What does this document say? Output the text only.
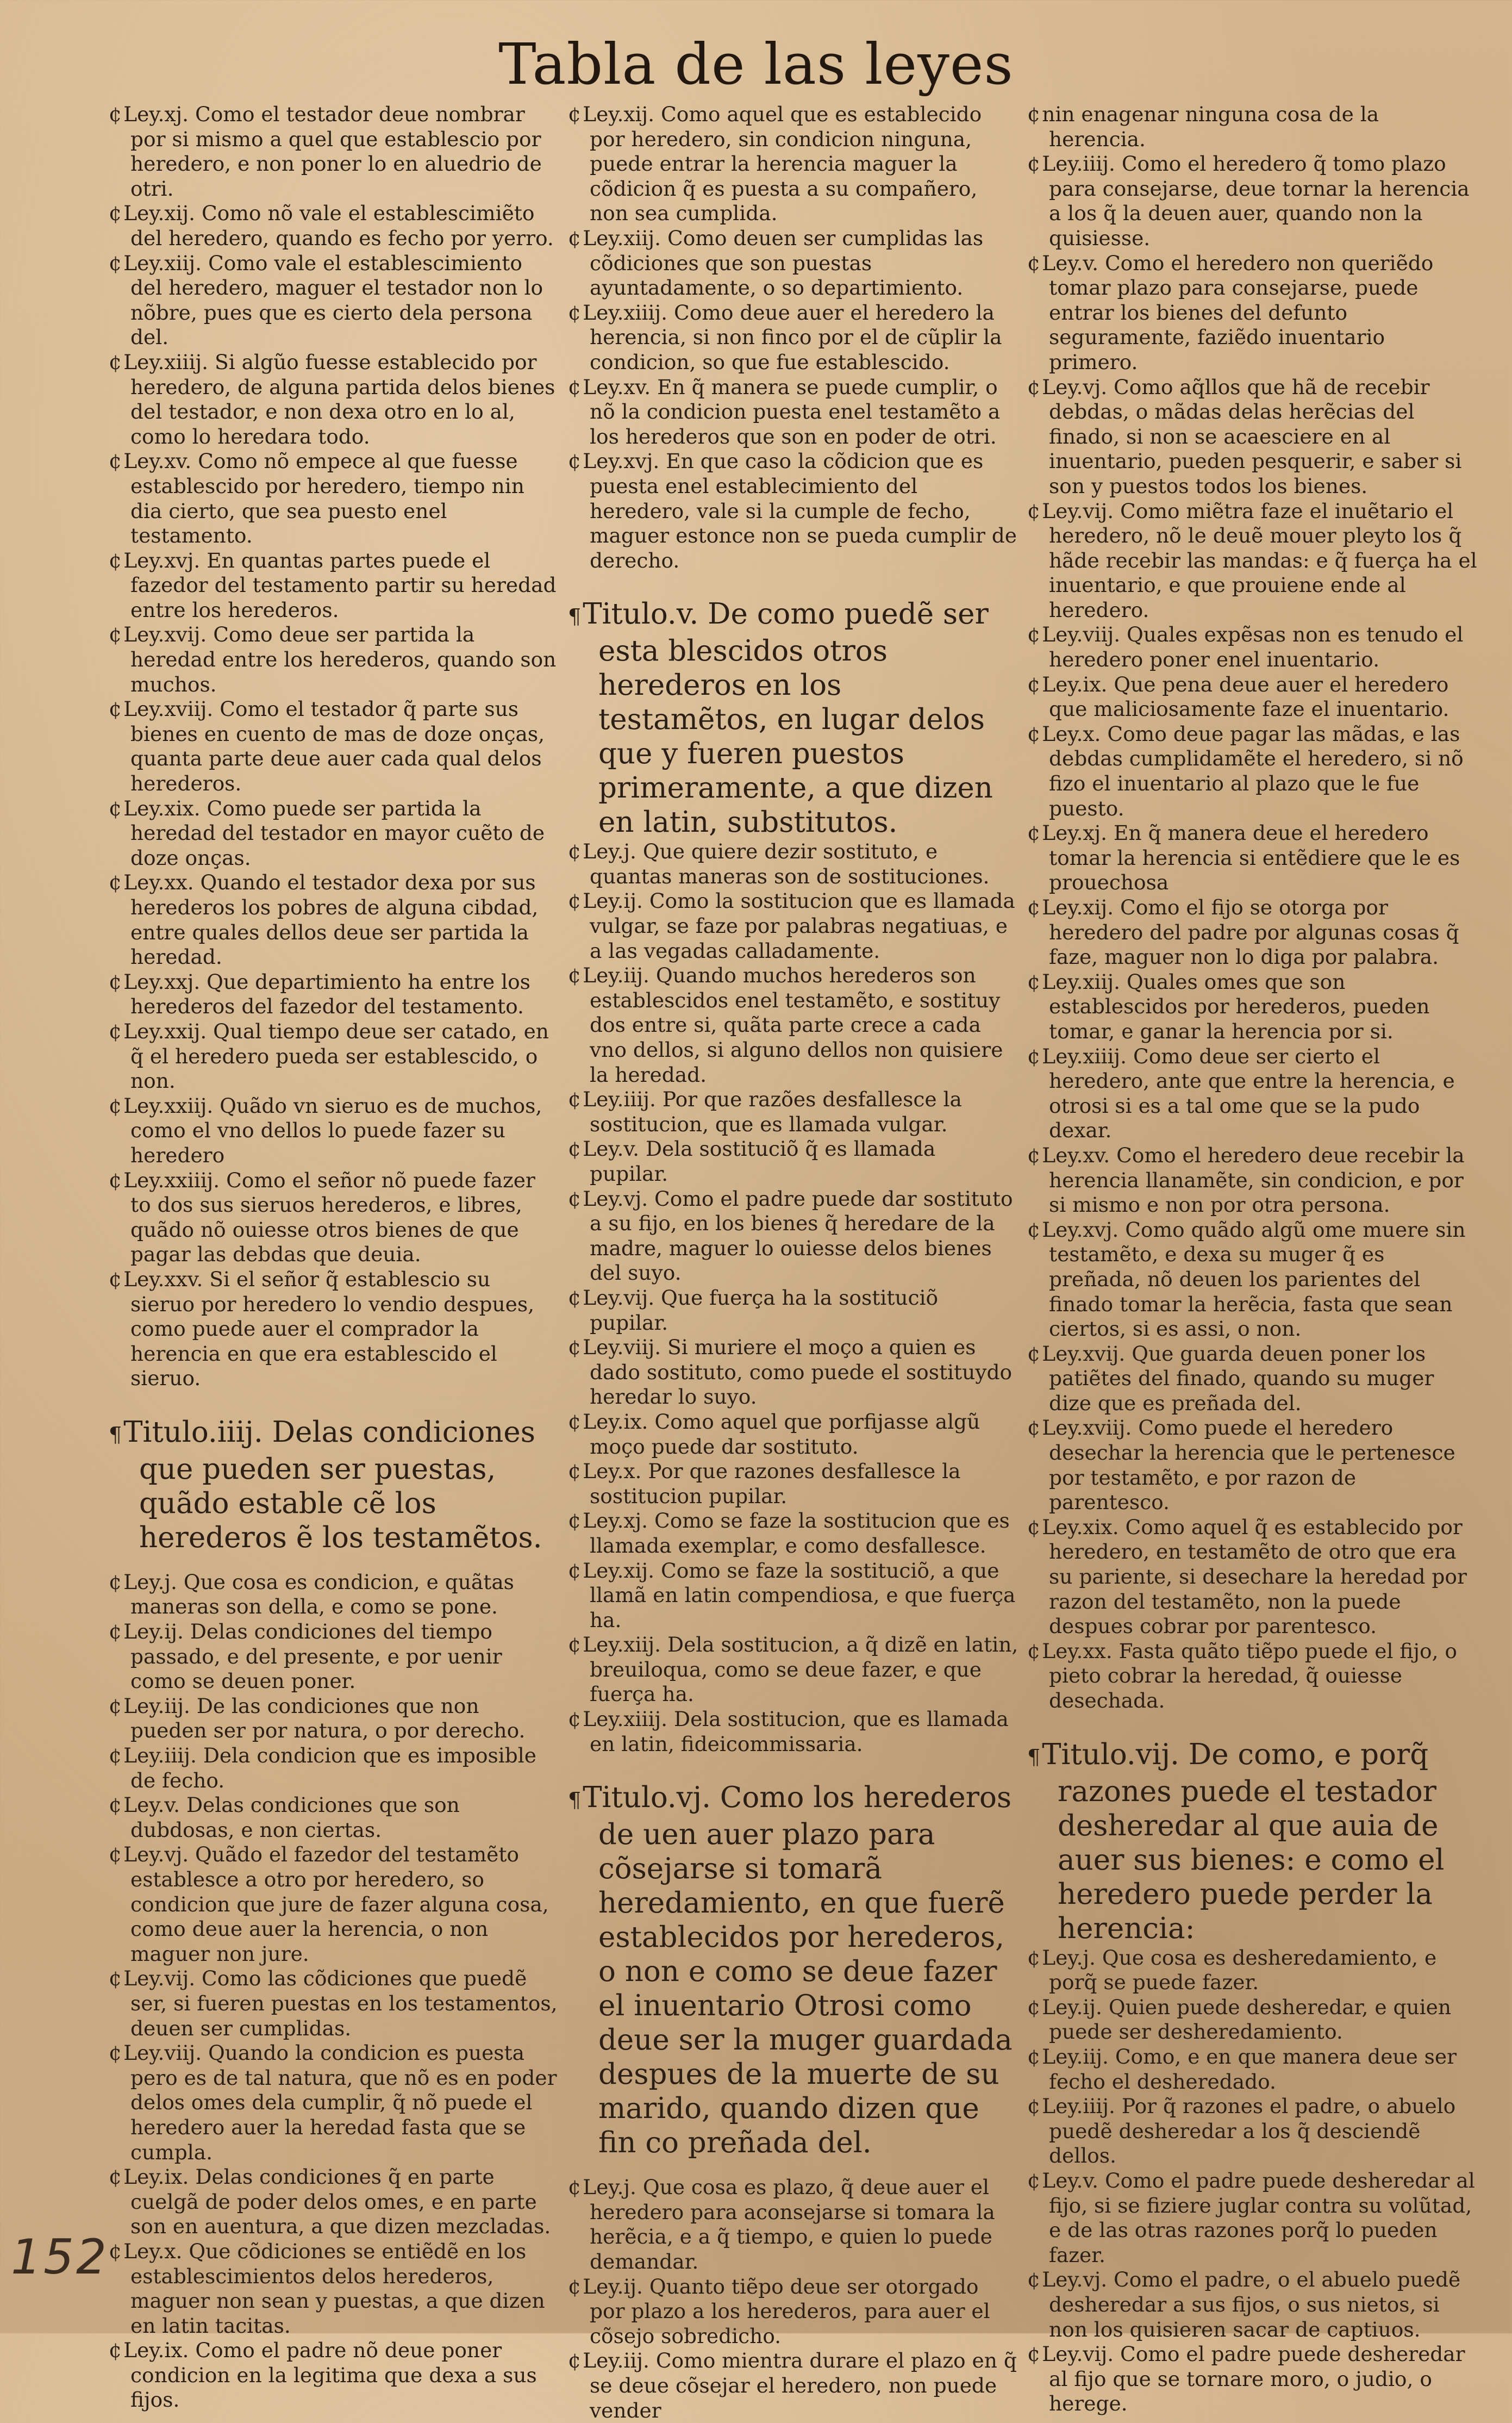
Tabla de las leyes

¢Ley.xj. Como el testador deue nombrar por si mismo a quel que establescio por heredero, e non poner lo en aluedrio de otri.

¢Ley.xij. Como nõ vale el establescimiẽto del heredero, quando es fecho por yerro.

¢Ley.xiij. Como vale el establescimiento del heredero, maguer el testador non lo nõbre, pues que es cierto dela persona del.

¢Ley.xiiij. Si algũo fuesse establecido por heredero, de alguna partida delos bienes del testador, e non dexa otro en lo al, como lo heredara todo.

¢Ley.xv. Como nõ empece al que fuesse establescido por heredero, tiempo nin dia cierto, que sea puesto enel testamento.

¢Ley.xvj. En quantas partes puede el fazedor del testamento partir su heredad entre los herederos.

¢Ley.xvij. Como deue ser partida la heredad entre los herederos, quando son muchos.

¢Ley.xviij. Como el testador q̃ parte sus bienes en cuento de mas de doze onças, quanta parte deue auer cada qual delos herederos.

¢Ley.xix. Como puede ser partida la heredad del testador en mayor cuẽto de doze onças.

¢Ley.xx. Quando el testador dexa por sus herederos los pobres de alguna cibdad, entre quales dellos deue ser partida la heredad.

¢Ley.xxj. Que departimiento ha entre los herederos del fazedor del testamento.

¢Ley.xxij. Qual tiempo deue ser catado, en q̃ el heredero pueda ser establescido, o non.

¢Ley.xxiij. Quãdo vn sieruo es de muchos, como el vno dellos lo puede fazer su heredero

¢Ley.xxiiij. Como el señor nõ puede fazer to dos sus sieruos herederos, e libres, quãdo nõ ouiesse otros bienes de que pagar las debdas que deuia.

¢Ley.xxv. Si el señor q̃ establescio su sieruo por heredero lo vendio despues, como puede auer el comprador la herencia en que era establescido el sieruo.

¶Titulo.iiij. Delas condiciones que pueden ser puestas, quãdo estable cẽ los herederos ẽ los testamẽtos.

¢Ley.j. Que cosa es condicion, e quãtas maneras son della, e como se pone.

¢Ley.ij. Delas condiciones del tiempo passado, e del presente, e por uenir como se deuen poner.

¢Ley.iij. De las condiciones que non pueden ser por natura, o por derecho.

¢Ley.iiij. Dela condicion que es imposible de fecho.

¢Ley.v. Delas condiciones que son dubdosas, e non ciertas.

¢Ley.vj. Quãdo el fazedor del testamẽto establesce a otro por heredero, so condicion que jure de fazer alguna cosa, como deue auer la herencia, o non maguer non jure.

¢Ley.vij. Como las cõdiciones que puedẽ ser, si fueren puestas en los testamentos, deuen ser cumplidas.

¢Ley.viij. Quando la condicion es puesta pero es de tal natura, que nõ es en poder delos omes dela cumplir, q̃ nõ puede el heredero auer la heredad fasta que se cumpla.

¢Ley.ix. Delas condiciones q̃ en parte cuelgã de poder delos omes, e en parte son en auentura, a que dizen mezcladas.

¢Ley.x. Que cõdiciones se entiẽdẽ en los establescimientos delos herederos, maguer non sean y puestas, a que dizen en latin tacitas.

¢Ley.ix. Como el padre nõ deue poner condicion en la legitima que dexa a sus fijos.

¢Ley.xij. Como aquel que es establecido por heredero, sin condicion ninguna, puede entrar la herencia maguer la cõdicion q̃ es puesta a su compañero, non sea cumplida.

¢Ley.xiij. Como deuen ser cumplidas las cõdiciones que son puestas ayuntadamente, o so departimiento.

¢Ley.xiiij. Como deue auer el heredero la herencia, si non finco por el de cũplir la condicion, so que fue establescido.

¢Ley.xv. En q̃ manera se puede cumplir, o nõ la condicion puesta enel testamẽto a los herederos que son en poder de otri.

¢Ley.xvj. En que caso la cõdicion que es puesta enel establecimiento del heredero, vale si la cumple de fecho, maguer estonce non se pueda cumplir de derecho.

¶Titulo.v. De como puedẽ ser esta blescidos otros herederos en los testamẽtos, en lugar delos que y fueren puestos primeramente, a que dizen en latin, substitutos.

¢Ley.j. Que quiere dezir sostituto, e quantas maneras son de sostituciones.

¢Ley.ij. Como la sostitucion que es llamada vulgar, se faze por palabras negatiuas, e a las vegadas calladamente.

¢Ley.iij. Quando muchos herederos son establescidos enel testamẽto, e sostituy dos entre si, quãta parte crece a cada vno dellos, si alguno dellos non quisiere la heredad.

¢Ley.iiij. Por que razões desfallesce la sostitucion, que es llamada vulgar.

¢Ley.v. Dela sostituciõ q̃ es llamada pupilar.

¢Ley.vj. Como el padre puede dar sostituto a su fijo, en los bienes q̃ heredare de la madre, maguer lo ouiesse delos bienes del suyo.

¢Ley.vij. Que fuerça ha la sostituciõ pupilar.

¢Ley.viij. Si muriere el moço a quien es dado sostituto, como puede el sostituydo heredar lo suyo.

¢Ley.ix. Como aquel que porfijasse algũ moço puede dar sostituto.

¢Ley.x. Por que razones desfallesce la sostitucion pupilar.

¢Ley.xj. Como se faze la sostitucion que es llamada exemplar, e como desfallesce.

¢Ley.xij. Como se faze la sostituciõ, a que llamã en latin compendiosa, e que fuerça ha.

¢Ley.xiij. Dela sostitucion, a q̃ dizẽ en latin, breuiloqua, como se deue fazer, e que fuerça ha.

¢Ley.xiiij. Dela sostitucion, que es llamada en latin, fideicommissaria.

¶Titulo.vj. Como los herederos de uen auer plazo para cõsejarse si tomarã heredamiento, en que fuerẽ establecidos por herederos, o non e como se deue fazer el inuentario Otrosi como deue ser la muger guardada despues de la muerte de su marido, quando dizen que fin co preñada del.

¢Ley.j. Que cosa es plazo, q̃ deue auer el heredero para aconsejarse si tomara la herẽcia, e a q̃ tiempo, e quien lo puede demandar.

¢Ley.ij. Quanto tiẽpo deue ser otorgado por plazo a los herederos, para auer el cõsejo sobredicho.

¢Ley.iij. Como mientra durare el plazo en q̃ se deue cõsejar el heredero, non puede vender

¢nin enagenar ninguna cosa de la herencia.

¢Ley.iiij. Como el heredero q̃ tomo plazo para consejarse, deue tornar la herencia a los q̃ la deuen auer, quando non la quisiesse.

¢Ley.v. Como el heredero non queriẽdo tomar plazo para consejarse, puede entrar los bienes del defunto seguramente, faziẽdo inuentario primero.

¢Ley.vj. Como aq̃llos que hã de recebir debdas, o mãdas delas herẽcias del finado, si non se acaesciere en al inuentario, pueden pesquerir, e saber si son y puestos todos los bienes.

¢Ley.vij. Como miẽtra faze el inuẽtario el heredero, nõ le deuẽ mouer pleyto los q̃ hãde recebir las mandas: e q̃ fuerça ha el inuentario, e que prouiene ende al heredero.

¢Ley.viij. Quales expẽsas non es tenudo el heredero poner enel inuentario.

¢Ley.ix. Que pena deue auer el heredero que maliciosamente faze el inuentario.

¢Ley.x. Como deue pagar las mãdas, e las debdas cumplidamẽte el heredero, si nõ fizo el inuentario al plazo que le fue puesto.

¢Ley.xj. En q̃ manera deue el heredero tomar la herencia si entẽdiere que le es prouechosa

¢Ley.xij. Como el fijo se otorga por heredero del padre por algunas cosas q̃ faze, maguer non lo diga por palabra.

¢Ley.xiij. Quales omes que son establescidos por herederos, pueden tomar, e ganar la herencia por si.

¢Ley.xiiij. Como deue ser cierto el heredero, ante que entre la herencia, e otrosi si es a tal ome que se la pudo dexar.

¢Ley.xv. Como el heredero deue recebir la herencia llanamẽte, sin condicion, e por si mismo e non por otra persona.

¢Ley.xvj. Como quãdo algũ ome muere sin testamẽto, e dexa su muger q̃ es preñada, nõ deuen los parientes del finado tomar la herẽcia, fasta que sean ciertos, si es assi, o non.

¢Ley.xvij. Que guarda deuen poner los patiẽtes del finado, quando su muger dize que es preñada del.

¢Ley.xviij. Como puede el heredero desechar la herencia que le pertenesce por testamẽto, e por razon de parentesco.

¢Ley.xix. Como aquel q̃ es establecido por heredero, en testamẽto de otro que era su pariente, si desechare la heredad por razon del testamẽto, non la puede despues cobrar por parentesco.

¢Ley.xx. Fasta quãto tiẽpo puede el fijo, o pieto cobrar la heredad, q̃ ouiesse desechada.

¶Titulo.vij. De como, e porq̃ razones puede el testador desheredar al que auia de auer sus bienes: e como el heredero puede perder la herencia:

¢Ley.j. Que cosa es desheredamiento, e porq̃ se puede fazer.

¢Ley.ij. Quien puede desheredar, e quien puede ser desheredamiento.

¢Ley.iij. Como, e en que manera deue ser fecho el desheredado.

¢Ley.iiij. Por q̃ razones el padre, o abuelo puedẽ desheredar a los q̃ desciendẽ dellos.

¢Ley.v. Como el padre puede desheredar al fijo, si se fiziere juglar contra su volũtad, e de las otras razones porq̃ lo pueden fazer.

¢Ley.vj. Como el padre, o el abuelo puedẽ desheredar a sus fijos, o sus nietos, si non los quisieren sacar de captiuos.

¢Ley.vij. Como el padre puede desheredar al fijo que se tornare moro, o judio, o herege.

152
